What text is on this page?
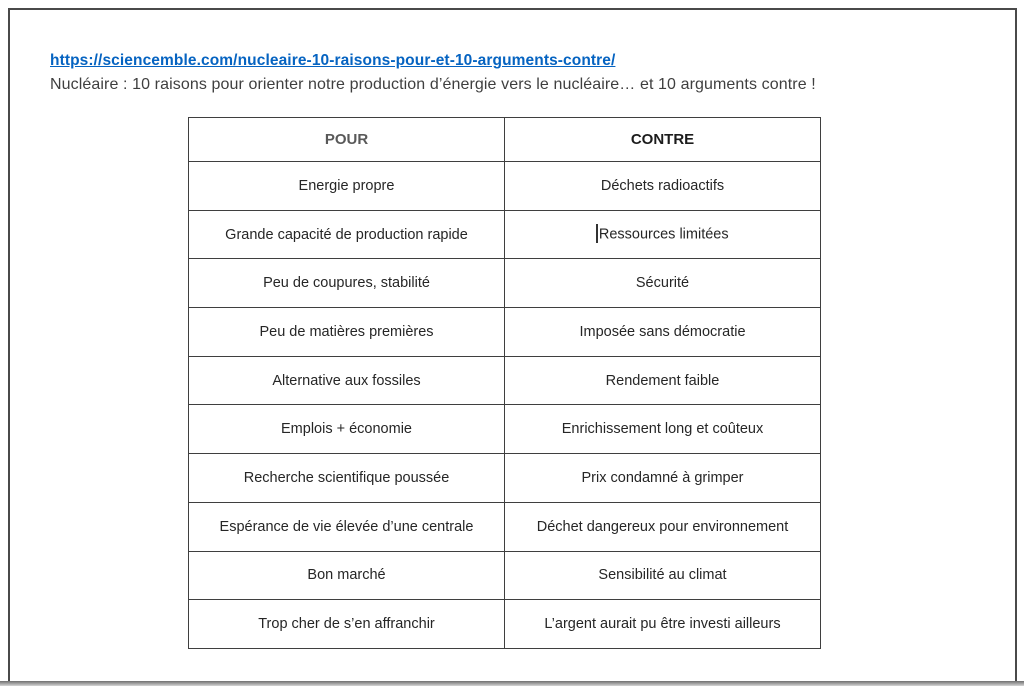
https://sciencemble.com/nucleaire-10-raisons-pour-et-10-arguments-contre/
Nucléaire : 10 raisons pour orienter notre production d’énergie vers le nucléaire… et 10 arguments contre !
POUR	CONTRE
Energie propre	Déchets radioactifs
Grande capacité de production rapide	Ressources limitées
Peu de coupures, stabilité	Sécurité
Peu de matières premières	Imposée sans démocratie
Alternative aux fossiles	Rendement faible
Emplois + économie	Enrichissement long et coûteux
Recherche scientifique poussée	Prix condamné à grimper
Espérance de vie élevée d’une centrale	Déchet dangereux pour environnement
Bon marché	Sensibilité au climat
Trop cher de s’en affranchir	L’argent aurait pu être investi ailleurs
